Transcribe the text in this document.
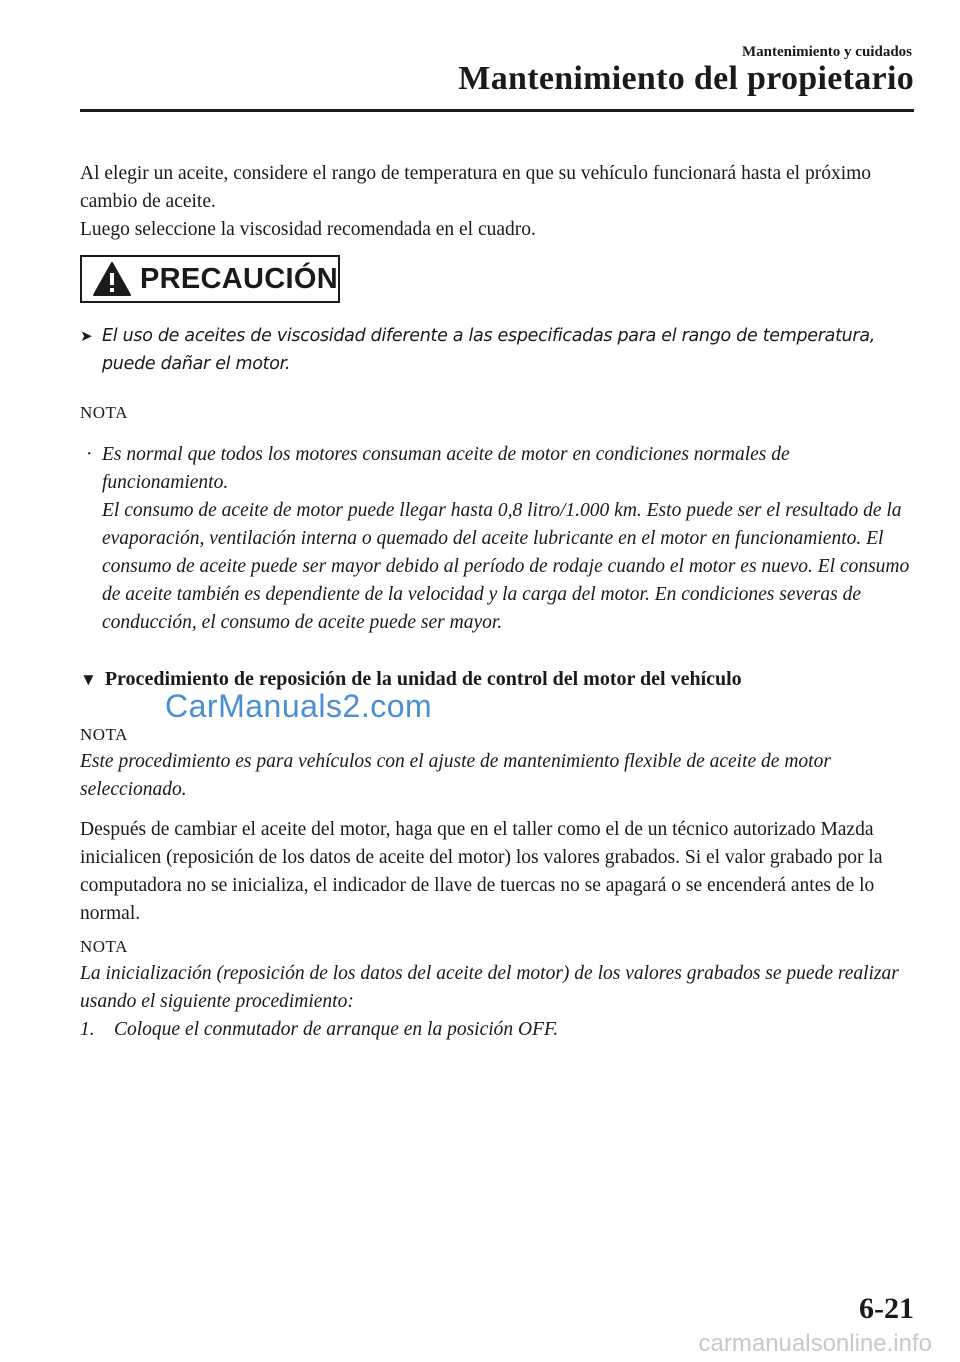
Mantenimiento y cuidados
Mantenimiento del propietario

Al elegir un aceite, considere el rango de temperatura en que su vehículo funcionará hasta el próximo cambio de aceite.

Luego seleccione la viscosidad recomendada en el cuadro.

PRECAUCIÓN
➤ El uso de aceites de viscosidad diferente a las especificadas para el rango de temperatura, puede dañar el motor.
NOTA
· Es normal que todos los motores consuman aceite de motor en condiciones normales de funcionamiento.
El consumo de aceite de motor puede llegar hasta 0,8 litro/1.000 km. Esto puede ser el resultado de la evaporación, ventilación interna o quemado del aceite lubricante en el motor en funcionamiento. El consumo de aceite puede ser mayor debido al período de rodaje cuando el motor es nuevo. El consumo de aceite también es dependiente de la velocidad y la carga del motor. En condiciones severas de conducción, el consumo de aceite puede ser mayor.
▼ Procedimiento de reposición de la unidad de control del motor del vehículo
CarManuals2.com
NOTA

Este procedimiento es para vehículos con el ajuste de mantenimiento flexible de aceite de motor seleccionado.

Después de cambiar el aceite del motor, haga que en el taller como el de un técnico autorizado Mazda inicialicen (reposición de los datos de aceite del motor) los valores grabados. Si el valor grabado por la computadora no se inicializa, el indicador de llave de tuercas no se apagará o se encenderá antes de lo normal.

NOTA

La inicialización (reposición de los datos del aceite del motor) de los valores grabados se puede realizar usando el siguiente procedimiento:

1. Coloque el conmutador de arranque en la posición OFF.
6-21
carmanualsonline.info
